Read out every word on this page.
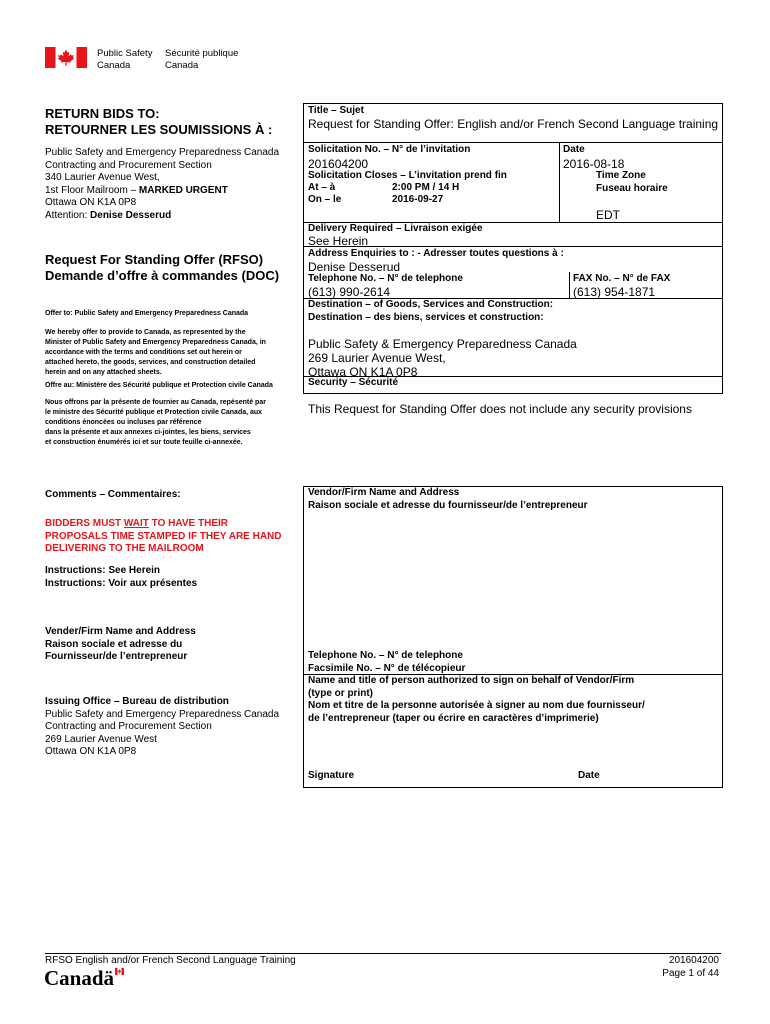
Public Safety
Canada
Sécurité publique
Canada
RETURN BIDS TO:
RETOURNER LES SOUMISSIONS À :
Public Safety and Emergency Preparedness Canada
Contracting and Procurement Section
340 Laurier Avenue West,
1st Floor Mailroom – MARKED URGENT
Ottawa ON K1A 0P8
Attention: Denise Desserud
Request For Standing Offer (RFSO)
Demande d’offre à commandes (DOC)
Offer to: Public Safety and Emergency Preparedness Canada
We hereby offer to provide to Canada, as represented by the
Minister of Public Safety and Emergency Preparedness Canada, in
accordance with the terms and conditions set out herein or
attached hereto, the goods, services, and construction detailed
herein and on any attached sheets.
Offre au: Ministère des Sécurité publique et Protection civile Canada
Nous offrons par la présente de fournier au Canada, repésenté par
le ministre des Sécurité publique et Protection civile Canada, aux
conditions énoncées ou incluses par référence
dans la présente et aux annexes ci-jointes, les biens, services
et construction énumérés ici et sur toute feuille ci-annexée.
Comments – Commentaires:
BIDDERS MUST WAIT TO HAVE THEIR
PROPOSALS TIME STAMPED IF THEY ARE HAND
DELIVERING TO THE MAILROOM
Instructions: See Herein
Instructions: Voir aux présentes
Vender/Firm Name and Address
Raison sociale et adresse du
Fournisseur/de l’entrepreneur
Issuing Office – Bureau de distribution
Public Safety and Emergency Preparedness Canada
Contracting and Procurement Section
269 Laurier Avenue West
Ottawa ON K1A 0P8
Title – Sujet
Request for Standing Offer: English and/or French Second Language training
Solicitation No. – N° de l’invitation
201604200
Date
2016-08-18
Solicitation Closes – L’invitation prend fin
At – à	2:00 PM / 14 H
On – le	2016-09-27
Time Zone
Fuseau horaire
EDT
Delivery Required – Livraison exigée
See Herein
Address Enquiries to : - Adresser toutes questions à :
Denise Desserud
Telephone No. – N° de telephone
(613) 990-2614
FAX No. – N° de FAX
(613) 954-1871
Destination – of Goods, Services and Construction:
Destination – des biens, services et construction:
Public Safety & Emergency Preparedness Canada
269 Laurier Avenue West,
Ottawa ON K1A 0P8
Security – Sécurité
This Request for Standing Offer does not include any security provisions
Vendor/Firm Name and Address
Raison sociale et adresse du fournisseur/de l’entrepreneur
Telephone No. – N° de telephone
Facsimile No. – N° de télécopieur
Name and title of person authorized to sign on behalf of Vendor/Firm
(type or print)
Nom et titre de la personne autorisée à signer au nom due fournisseur/
de l’entrepreneur (taper ou écrire en caractères d’imprimerie)
Signature	Date
RFSO English and/or French Second Language Training
Canadä
201604200
Page 1 of 44
